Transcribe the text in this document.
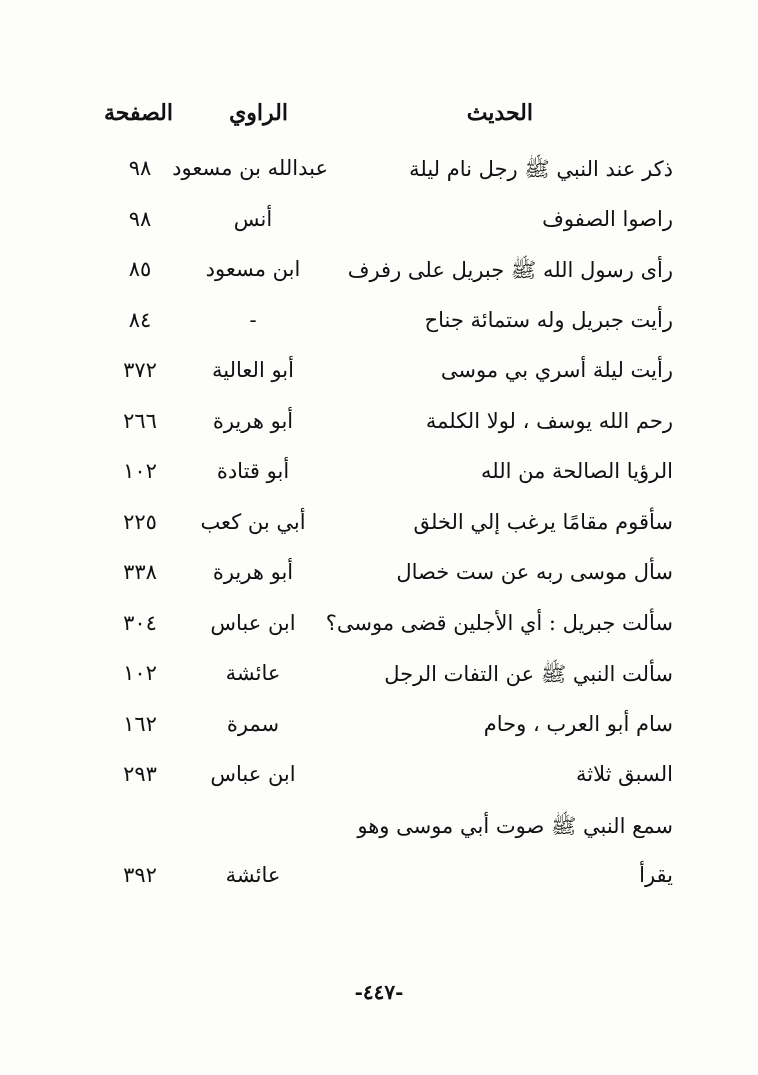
الحديث
الراوي
الصفحة
ذكر عند النبي ﷺ رجل نام ليلة
عبدالله بن مسعود
٩٨
راصوا الصفوف
أنس
٩٨
رأى رسول الله ﷺ جبريل على رفرف
ابن مسعود
٨٥
رأيت جبريل وله ستمائة جناح
-
٨٤
رأيت ليلة أسري بي موسى
أبو العالية
٣٧٢
رحم الله يوسف ، لولا الكلمة
أبو هريرة
٢٦٦
الرؤيا الصالحة من الله
أبو قتادة
١٠٢
سأقوم مقامًا يرغب إلي الخلق
أبي بن كعب
٢٢٥
سأل موسى ربه عن ست خصال
أبو هريرة
٣٣٨
سألت جبريل : أي الأجلين قضى موسى؟
ابن عباس
٣٠٤
سألت النبي ﷺ عن التفات الرجل
عائشة
١٠٢
سام أبو العرب ، وحام
سمرة
١٦٢
السبق ثلاثة
ابن عباس
٢٩٣
سمع النبي ﷺ صوت أبي موسى وهو
يقرأ
عائشة
٣٩٢
-٤٤٧-
